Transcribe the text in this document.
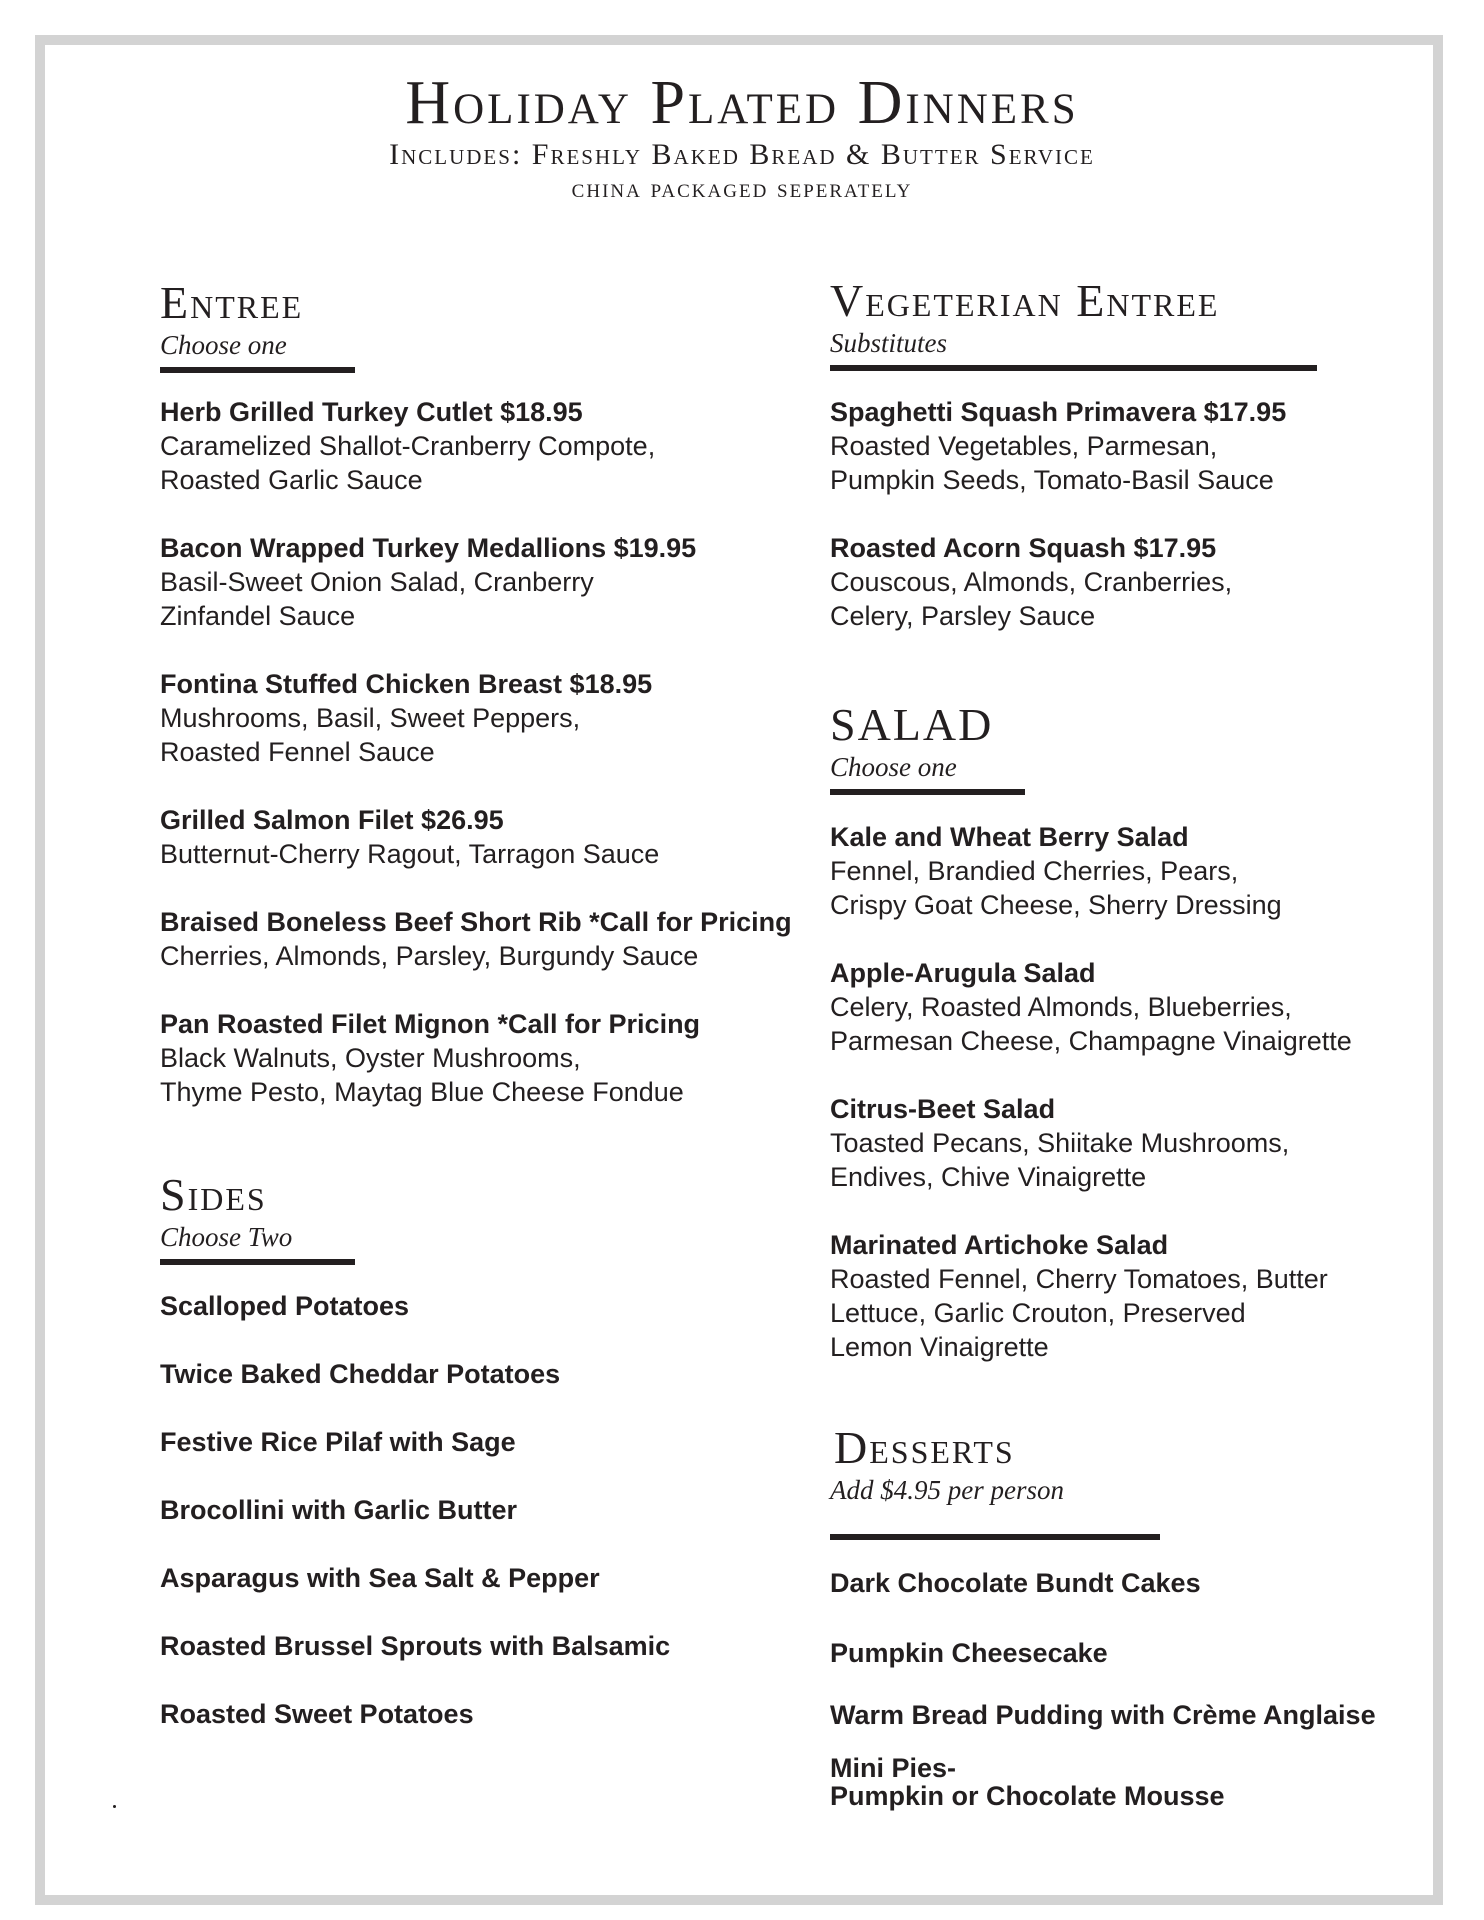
Holiday Plated Dinners
Includes: Freshly Baked Bread & Butter Service
china packaged seperately
Entree
Choose one
Herb Grilled Turkey Cutlet $18.95
Caramelized Shallot-Cranberry Compote,
Roasted Garlic Sauce
Bacon Wrapped Turkey Medallions $19.95
Basil-Sweet Onion Salad, Cranberry
Zinfandel Sauce
Fontina Stuffed Chicken Breast $18.95
Mushrooms, Basil, Sweet Peppers,
Roasted Fennel Sauce
Grilled Salmon Filet $26.95
Butternut-Cherry Ragout, Tarragon Sauce
Braised Boneless Beef Short Rib *Call for Pricing
Cherries, Almonds, Parsley, Burgundy Sauce
Pan Roasted Filet Mignon *Call for Pricing
Black Walnuts, Oyster Mushrooms,
Thyme Pesto, Maytag Blue Cheese Fondue
Sides
Choose Two
Scalloped Potatoes
Twice Baked Cheddar Potatoes
Festive Rice Pilaf with Sage
Brocollini with Garlic Butter
Asparagus with Sea Salt & Pepper
Roasted Brussel Sprouts with Balsamic
Roasted Sweet Potatoes
Vegeterian Entree
Substitutes
Spaghetti Squash Primavera $17.95
Roasted Vegetables, Parmesan,
Pumpkin Seeds, Tomato-Basil Sauce
Roasted Acorn Squash $17.95
Couscous, Almonds, Cranberries,
Celery, Parsley Sauce
SALAD
Choose one
Kale and Wheat Berry Salad
Fennel, Brandied Cherries, Pears,
Crispy Goat Cheese, Sherry Dressing
Apple-Arugula Salad
Celery, Roasted Almonds, Blueberries,
Parmesan Cheese, Champagne Vinaigrette
Citrus-Beet Salad
Toasted Pecans, Shiitake Mushrooms,
Endives, Chive Vinaigrette
Marinated Artichoke Salad
Roasted Fennel, Cherry Tomatoes, Butter
Lettuce, Garlic Crouton, Preserved
Lemon Vinaigrette
Desserts
Add $4.95 per person
Dark Chocolate Bundt Cakes
Pumpkin Cheesecake
Warm Bread Pudding with Crème Anglaise
Mini Pies-
Pumpkin or Chocolate Mousse
